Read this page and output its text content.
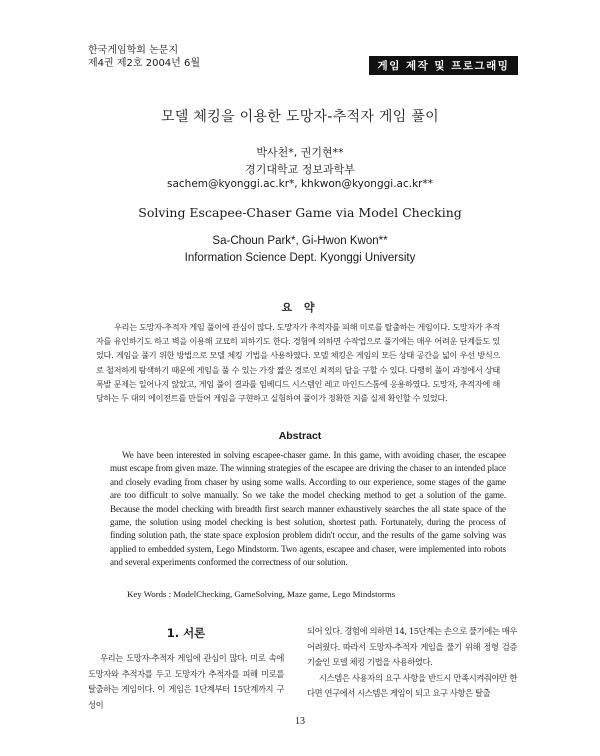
한국게임학회 논문지
제4권 제2호 2004년 6월	게임 제작 및 프로그래밍
모델 체킹을 이용한 도망자-추적자 게임 풀이
박사천*, 권기현**
경기대학교 정보과학부
sachem@kyonggi.ac.kr*, khkwon@kyonggi.ac.kr**
Solving Escapee-Chaser Game via Model Checking
Sa-Choun Park*, Gi-Hwon Kwon**
Information Science Dept. Kyonggi University
요 약

우리는 도망자-추적자 게임 풀이에 관심이 많다. 도망자가 추적자를 피해 미로를 탈출하는 게임이다. 도망자가 추적자를 유인하기도 하고 벽을 이용해 교묘히 피하기도 한다. 경험에 의하면 수작업으로 풀기에는 매우 어려운 단계들도 있었다. 게임을 풀기 위한 방법으로 모델 체킹 기법을 사용하였다. 모델 체킹은 게임의 모든 상태 공간을 넓이 우선 방식으로 철저하게 탐색하기 때문에 게임을 풀 수 있는 가장 짧은 경로인 최적의 답을 구할 수 있다. 다행히 풀이 과정에서 상태 폭발 문제는 일어나지 않았고, 게임 풀이 결과를 임베디드 시스템인 레고 마인드스톰에 응용하였다. 도망자, 추적자에 해당하는 두 대의 에이전트를 만들어 게임을 구현하고 실험하여 풀이가 정확한 지를 실제 확인할 수 있었다.

Abstract

We have been interested in solving escapee-chaser game. In this game, with avoiding chaser, the escapee must escape from given maze. The winning strategies of the escapee are driving the chaser to an intended place and closely evading from chaser by using some walls. According to our experience, some stages of the game are too difficult to solve manually. So we take the model checking method to get a solution of the game. Because the model checking with breadth first search manner exhaustively searches the all state space of the game, the solution using model checking is best solution, shortest path. Fortunately, during the process of finding solution path, the state space explosion problem didn't occur, and the results of the game solving was applied to embedded system, Lego Mindstorm. Two agents, escapee and chaser, were implemented into robots and several experiments conformed the correctness of our solution.

Key Words : ModelChecking, GameSolving, Maze game, Lego Mindstorms
1. 서론

우리는 도망자-추적자 게임에 관심이 많다. 미로 속에 도망자와 추적자를 두고 도망자가 추적자를 피해 미로를 탈출하는 게임이다. 이 게임은 1단계부터 15단계까지 구성이

되어 있다. 경험에 의하면 14, 15단계는 손으로 풀기에는 매우 어려웠다. 따라서 도망자-추적자 게임을 풀기 위해 정형 검증 기술인 모델 체킹 기법을 사용하였다.

시스템은 사용자의 요구 사항을 반드시 만족시켜줘야만 한다면 연구에서 시스템은 게임이 되고 요구 사항은 탈출

13
